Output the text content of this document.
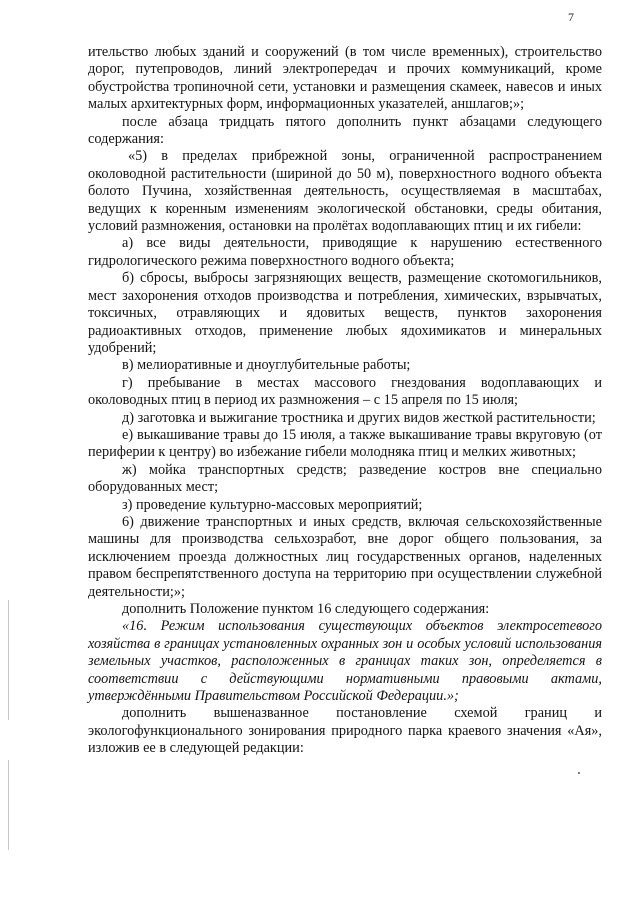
7

ительство любых зданий и сооружений (в том числе временных), строительство дорог, путепроводов, линий электропередач и прочих коммуникаций, кроме обустройства тропиночной сети, установки и размещения скамеек, навесов и иных малых архитектурных форм, информационных указателей, аншлагов;»;

после абзаца тридцать пятого дополнить пункт абзацами следующего содержания:

«5) в пределах прибрежной зоны, ограниченной распространением околоводной растительности (шириной до 50 м), поверхностного водного объекта болото Пучина, хозяйственная деятельность, осуществляемая в масштабах, ведущих к коренным изменениям экологической обстановки, среды обитания, условий размножения, остановки на пролётах водоплавающих птиц и их гибели:

а) все виды деятельности, приводящие к нарушению естественного гидрологического режима поверхностного водного объекта;

б) сбросы, выбросы загрязняющих веществ, размещение скотомогильников, мест захоронения отходов производства и потребления, химических, взрывчатых, токсичных, отравляющих и ядовитых веществ, пунктов захоронения радиоактивных отходов, применение любых ядохимикатов и минеральных удобрений;

в) мелиоративные и дноуглубительные работы;

г) пребывание в местах массового гнездования водоплавающих и околоводных птиц в период их размножения – с 15 апреля по 15 июля;

д) заготовка и выжигание тростника и других видов жесткой растительности;

е) выкашивание травы до 15 июля, а также выкашивание травы вкруговую (от периферии к центру) во избежание гибели молодняка птиц и мелких животных;

ж) мойка транспортных средств; разведение костров вне специально оборудованных мест;

з) проведение культурно-массовых мероприятий;

6) движение транспортных и иных средств, включая сельскохозяйственные машины для производства сельхозработ, вне дорог общего пользования, за исключением проезда должностных лиц государственных органов, наделенных правом беспрепятственного доступа на территорию при осуществлении служебной деятельности;»;

дополнить Положение пунктом 16 следующего содержания:

«16. Режим использования существующих объектов электросетевого хозяйства в границах установленных охранных зон и особых условий использования земельных участков, расположенных в границах таких зон, определяется в соответствии с действующими нормативными правовыми актами, утверждёнными Правительством Российской Федерации.»;

дополнить вышеназванное постановление схемой границ и экологофункционального зонирования природного парка краевого значения «Ая», изложив ее в следующей редакции:
